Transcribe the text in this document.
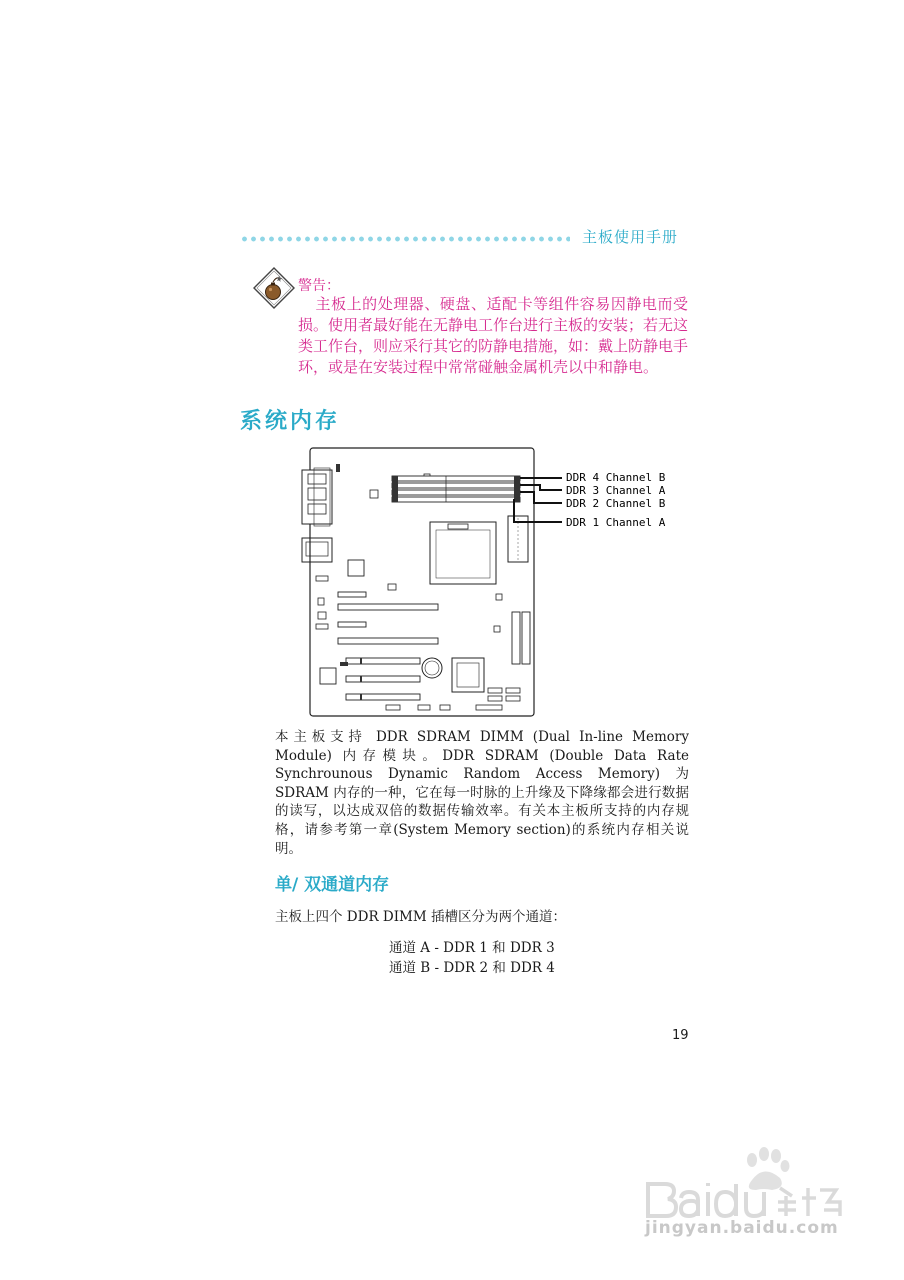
主板使用手册
警告：
主板上的处理器、硬盘、适配卡等组件容易因静电而受损。使用者最好能在无静电工作台进行主板的安装；若无这类工作台，则应采行其它的防静电措施，如：戴上防静电手环，或是在安装过程中常常碰触金属机壳以中和静电。
系统内存
DDR 4 Channel B
DDR 3 Channel A
DDR 2 Channel B
DDR 1 Channel A
本主板支持 DDR SDRAM DIMM (Dual In-line Memory Module) 内存模块。DDR SDRAM (Double Data Rate Synchrounous Dynamic Random Access Memory) 为 SDRAM 内存的一种，它在每一时脉的上升缘及下降缘都会进行数据的读写，以达成双倍的数据传输效率。有关本主板所支持的内存规格，请参考第一章(System Memory section)的系统内存相关说明。
单/ 双通道内存
主板上四个 DDR DIMM 插槽区分为两个通道：
通道 A - DDR 1 和 DDR 3
通道 B - DDR 2 和 DDR 4
19
jingyan.baidu.com
